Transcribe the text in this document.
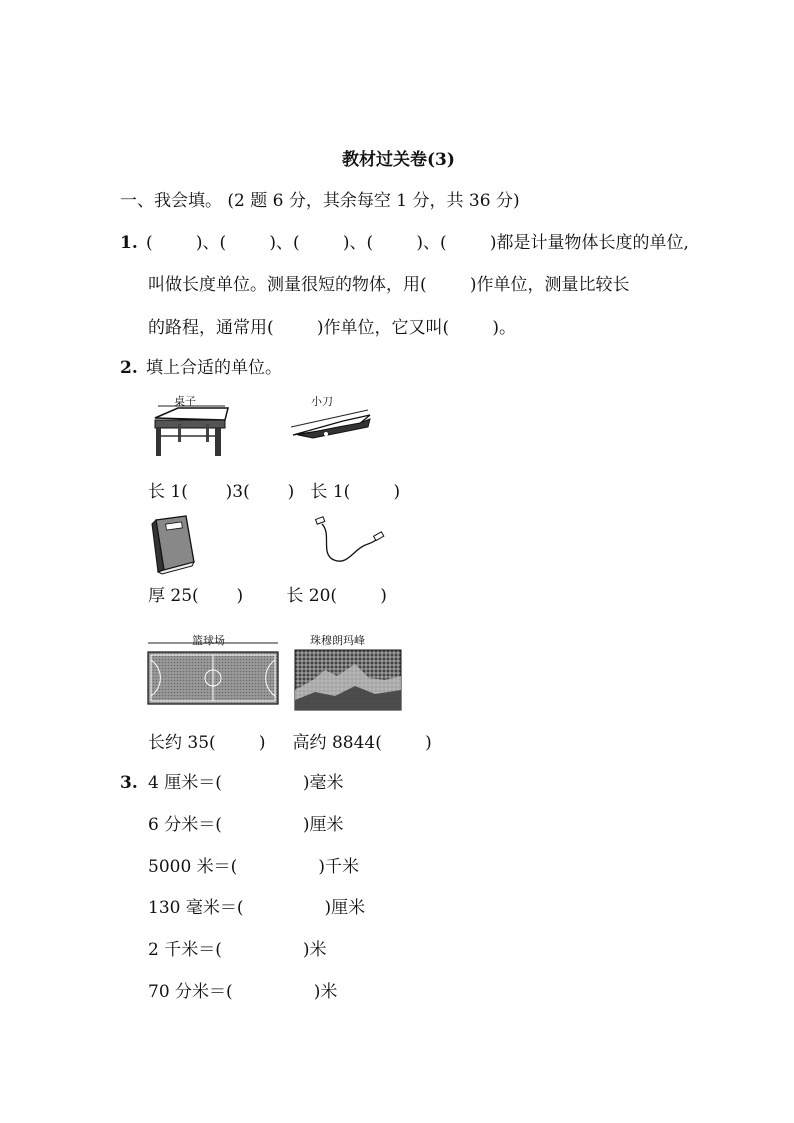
教材过关卷(3)
一、我会填。 (2 题 6 分，其余每空 1 分，共 36 分)
1. (        )、(        )、(        )、(        )、(        )都是计量物体长度的单位,
叫做长度单位。测量很短的物体，用(        )作单位，测量比较长
的路程，通常用(        )作单位，它又叫(        )。
2. 填上合适的单位。
桌子	小刀
长 1(       )3(       )   长 1(        )
厚 25(       )        长 20(        )
篮球场	珠穆朗玛峰
长约 35(        )     高约 8844(        )
3. 4 厘米＝(               )毫米
6 分米＝(               )厘米
5000 米＝(               )千米
130 毫米＝(               )厘米
2 千米＝(               )米
70 分米＝(               )米
